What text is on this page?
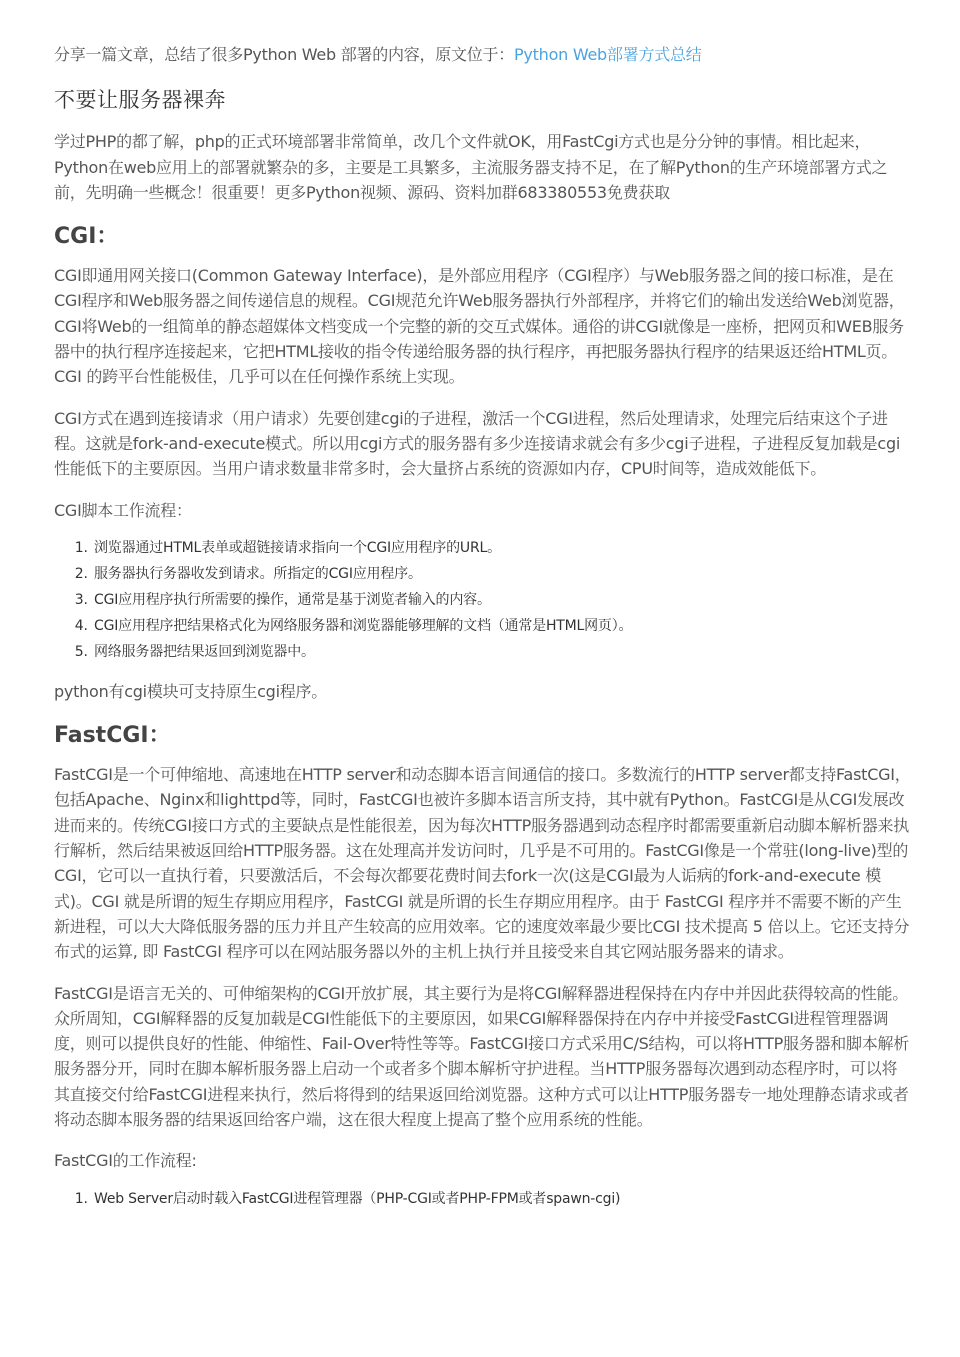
分享一篇文章，总结了很多Python Web 部署的内容，原文位于：Python Web部署方式总结

不要让服务器裸奔

学过PHP的都了解，php的正式环境部署非常简单，改几个文件就OK，用FastCgi方式也是分分钟的事情。相比起来，Python在web应用上的部署就繁杂的多，主要是工具繁多，主流服务器支持不足，在了解Python的生产环境部署方式之前，先明确一些概念！很重要！更多Python视频、源码、资料加群683380553免费获取

CGI：

CGI即通用网关接口(Common Gateway Interface)，是外部应用程序（CGI程序）与Web服务器之间的接口标准，是在CGI程序和Web服务器之间传递信息的规程。CGI规范允许Web服务器执行外部程序，并将它们的输出发送给Web浏览器，CGI将Web的一组简单的静态超媒体文档变成一个完整的新的交互式媒体。通俗的讲CGI就像是一座桥，把网页和WEB服务器中的执行程序连接起来，它把HTML接收的指令传递给服务器的执行程序，再把服务器执行程序的结果返还给HTML页。CGI 的跨平台性能极佳，几乎可以在任何操作系统上实现。

CGI方式在遇到连接请求（用户请求）先要创建cgi的子进程，激活一个CGI进程，然后处理请求，处理完后结束这个子进程。这就是fork-and-execute模式。所以用cgi方式的服务器有多少连接请求就会有多少cgi子进程，子进程反复加载是cgi性能低下的主要原因。当用户请求数量非常多时，会大量挤占系统的资源如内存，CPU时间等，造成效能低下。

CGI脚本工作流程：

1. 浏览器通过HTML表单或超链接请求指向一个CGI应用程序的URL。
2. 服务器执行务器收发到请求。所指定的CGI应用程序。
3. CGI应用程序执行所需要的操作，通常是基于浏览者输入的内容。
4. CGI应用程序把结果格式化为网络服务器和浏览器能够理解的文档（通常是HTML网页）。
5. 网络服务器把结果返回到浏览器中。

python有cgi模块可支持原生cgi程序。

FastCGI：

FastCGI是一个可伸缩地、高速地在HTTP server和动态脚本语言间通信的接口。多数流行的HTTP server都支持FastCGI，包括Apache、Nginx和lighttpd等，同时，FastCGI也被许多脚本语言所支持，其中就有Python。FastCGI是从CGI发展改进而来的。传统CGI接口方式的主要缺点是性能很差，因为每次HTTP服务器遇到动态程序时都需要重新启动脚本解析器来执行解析，然后结果被返回给HTTP服务器。这在处理高并发访问时，几乎是不可用的。FastCGI像是一个常驻(long-live)型的CGI，它可以一直执行着，只要激活后，不会每次都要花费时间去fork一次(这是CGI最为人诟病的fork-and-execute 模式)。CGI 就是所谓的短生存期应用程序，FastCGI 就是所谓的长生存期应用程序。由于 FastCGI 程序并不需要不断的产生新进程，可以大大降低服务器的压力并且产生较高的应用效率。它的速度效率最少要比CGI 技术提高 5 倍以上。它还支持分布式的运算, 即 FastCGI 程序可以在网站服务器以外的主机上执行并且接受来自其它网站服务器来的请求。

FastCGI是语言无关的、可伸缩架构的CGI开放扩展，其主要行为是将CGI解释器进程保持在内存中并因此获得较高的性能。众所周知，CGI解释器的反复加载是CGI性能低下的主要原因，如果CGI解释器保持在内存中并接受FastCGI进程管理器调度，则可以提供良好的性能、伸缩性、Fail-Over特性等等。FastCGI接口方式采用C/S结构，可以将HTTP服务器和脚本解析服务器分开，同时在脚本解析服务器上启动一个或者多个脚本解析守护进程。当HTTP服务器每次遇到动态程序时，可以将其直接交付给FastCGI进程来执行，然后将得到的结果返回给浏览器。这种方式可以让HTTP服务器专一地处理静态请求或者将动态脚本服务器的结果返回给客户端，这在很大程度上提高了整个应用系统的性能。

FastCGI的工作流程:

1. Web Server启动时载入FastCGI进程管理器（PHP-CGI或者PHP-FPM或者spawn-cgi)
